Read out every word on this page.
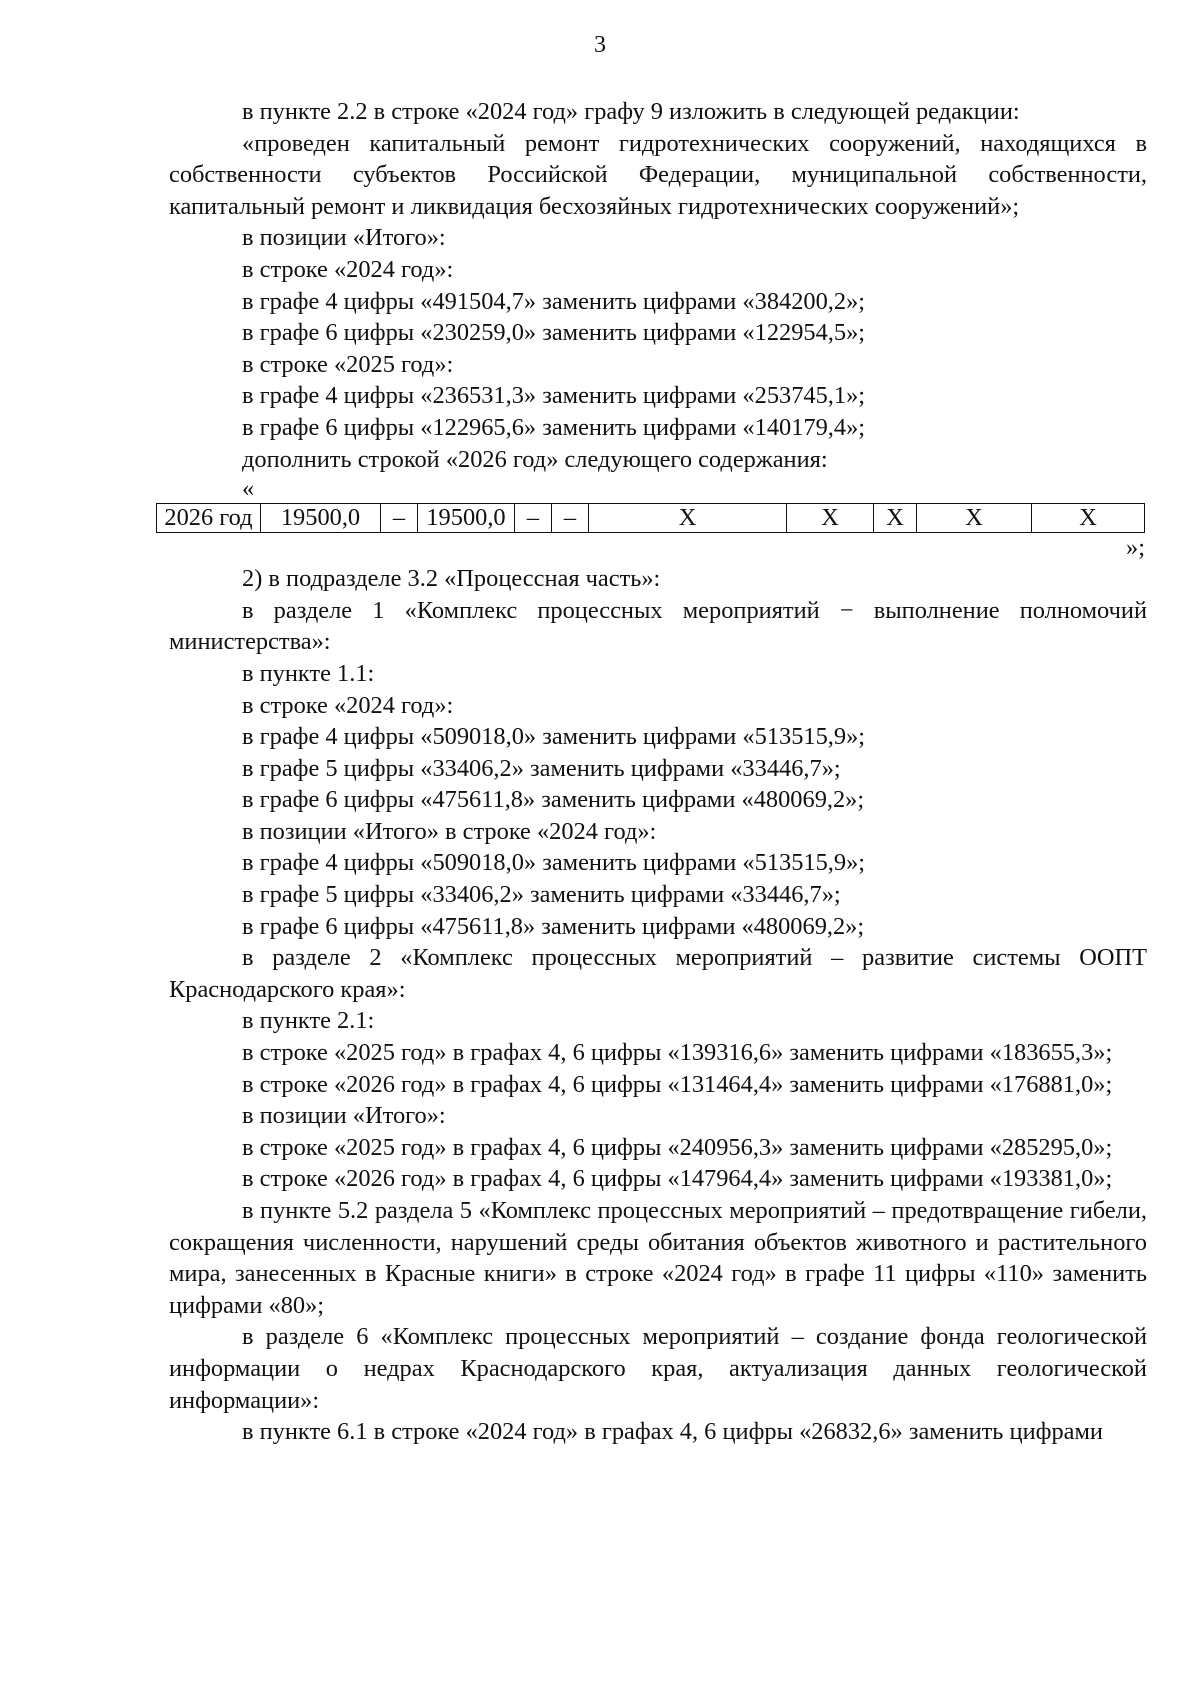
3

в пункте 2.2 в строке «2024 год» графу 9 изложить в следующей редакции:

«проведен капитальный ремонт гидротехнических сооружений, находящихся в собственности субъектов Российской Федерации, муниципальной собственности, капитальный ремонт и ликвидация бесхозяйных гидротехнических сооружений»;

в позиции «Итого»:

в строке «2024 год»:

в графе 4 цифры «491504,7» заменить цифрами «384200,2»;

в графе 6 цифры «230259,0» заменить цифрами «122954,5»;

в строке «2025 год»:

в графе 4 цифры «236531,3» заменить цифрами «253745,1»;

в графе 6 цифры «122965,6» заменить цифрами «140179,4»;

дополнить строкой «2026 год» следующего содержания:

«

2026 год	19500,0	–	19500,0	–	–	X	X	X	X	X

»;

2) в подразделе 3.2 «Процессная часть»:

в разделе 1 «Комплекс процессных мероприятий − выполнение полномочий министерства»:

в пункте 1.1:

в строке «2024 год»:

в графе 4 цифры «509018,0» заменить цифрами «513515,9»;

в графе 5 цифры «33406,2» заменить цифрами «33446,7»;

в графе 6 цифры «475611,8» заменить цифрами «480069,2»;

в позиции «Итого» в строке «2024 год»:

в графе 4 цифры «509018,0» заменить цифрами «513515,9»;

в графе 5 цифры «33406,2» заменить цифрами «33446,7»;

в графе 6 цифры «475611,8» заменить цифрами «480069,2»;

в разделе 2 «Комплекс процессных мероприятий – развитие системы ООПТ Краснодарского края»:

в пункте 2.1:

в строке «2025 год» в графах 4, 6 цифры «139316,6» заменить цифрами «183655,3»;

в строке «2026 год» в графах 4, 6 цифры «131464,4» заменить цифрами «176881,0»;

в позиции «Итого»:

в строке «2025 год» в графах 4, 6 цифры «240956,3» заменить цифрами «285295,0»;

в строке «2026 год» в графах 4, 6 цифры «147964,4» заменить цифрами «193381,0»;

в пункте 5.2 раздела 5 «Комплекс процессных мероприятий – предотвращение гибели, сокращения численности, нарушений среды обитания объектов животного и растительного мира, занесенных в Красные книги» в строке «2024 год» в графе 11 цифры «110» заменить цифрами «80»;

в разделе 6 «Комплекс процессных мероприятий – создание фонда геологической информации о недрах Краснодарского края, актуализация данных геологической информации»:

в пункте 6.1 в строке «2024 год» в графах 4, 6 цифры «26832,6» заменить цифрами
